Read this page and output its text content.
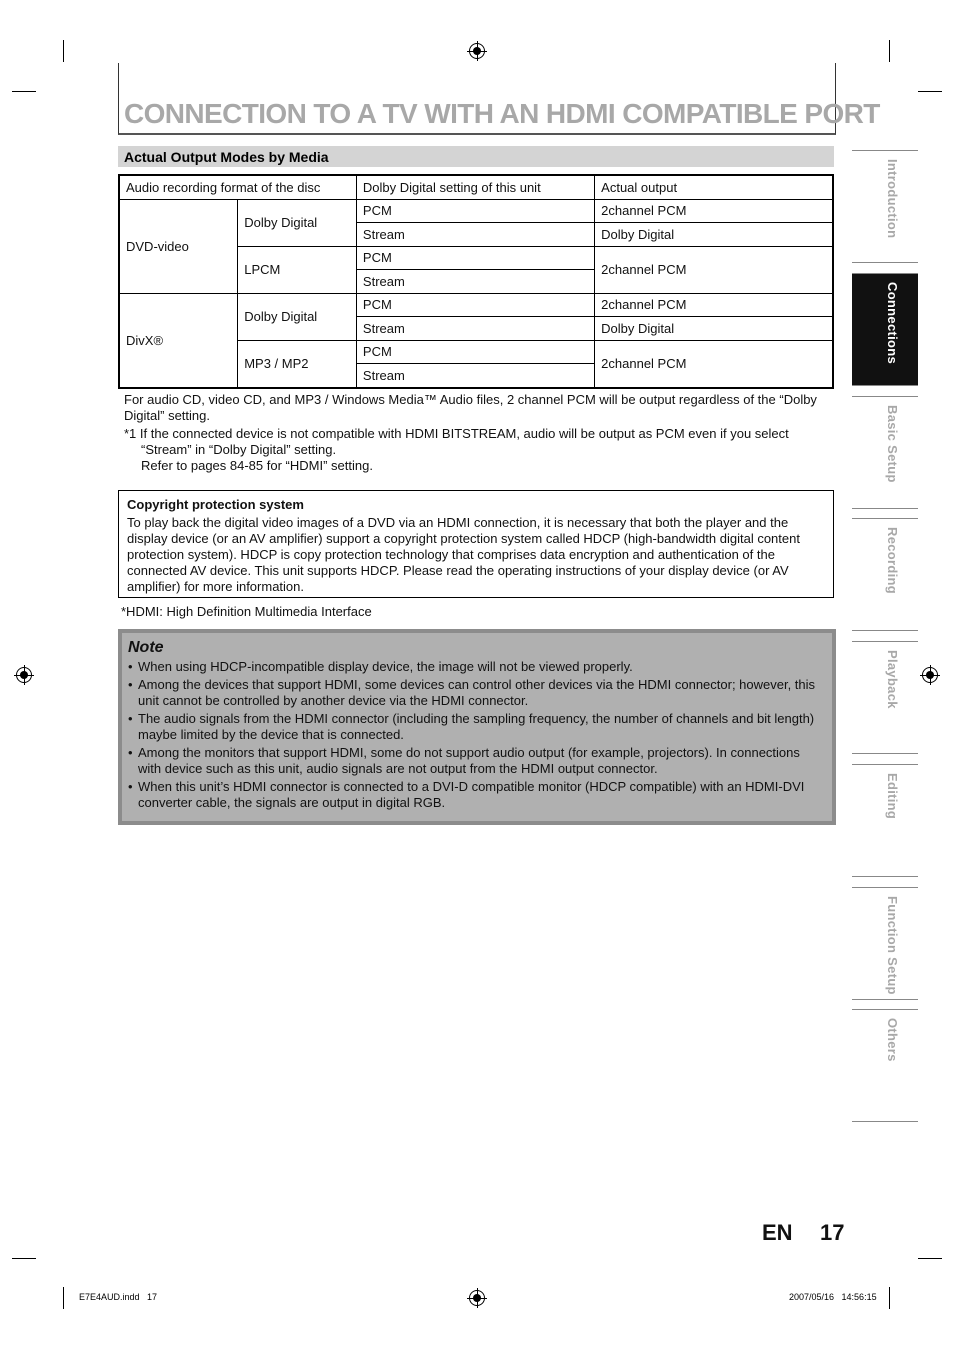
CONNECTION TO A TV WITH AN HDMI COMPATIBLE PORT
Actual Output Modes by Media
Audio recording format of the disc		Dolby Digital setting of this unit	Actual output
DVD-video	Dolby Digital	PCM	2channel PCM
		Stream	Dolby Digital
	LPCM	PCM	2channel PCM
		Stream	
DivX®	Dolby Digital	PCM	2channel PCM
		Stream	Dolby Digital
	MP3 / MP2	PCM	2channel PCM
		Stream	
For audio CD, video CD, and MP3 / Windows Media™ Audio files, 2 channel PCM will be output regardless of the “Dolby Digital” setting.
*1 If the connected device is not compatible with HDMI BITSTREAM, audio will be output as PCM even if you select
“Stream” in “Dolby Digital” setting.
Refer to pages 84-85 for “HDMI” setting.
Copyright protection system
To play back the digital video images of a DVD via an HDMI connection, it is necessary that both the player and the display device (or an AV amplifier) support a copyright protection system called HDCP (high-bandwidth digital content protection system). HDCP is copy protection technology that comprises data encryption and authentication of the connected AV device. This unit supports HDCP. Please read the operating instructions of your display device (or AV amplifier) for more information.
*HDMI: High Definition Multimedia Interface
Note
• When using HDCP-incompatible display device, the image will not be viewed properly.
• Among the devices that support HDMI, some devices can control other devices via the HDMI connector; however, this unit cannot be controlled by another device via the HDMI connector.
• The audio signals from the HDMI connector (including the sampling frequency, the number of channels and bit length) maybe limited by the device that is connected.
• Among the monitors that support HDMI, some do not support audio output (for example, projectors). In connections with device such as this unit, audio signals are not output from the HDMI output connector.
• When this unit’s HDMI connector is connected to a DVI-D compatible monitor (HDCP compatible) with an HDMI-DVI converter cable, the signals are output in digital RGB.
Introduction
Connections
Basic Setup
Recording
Playback
Editing
Function Setup
Others
EN 17
E7E4AUD.indd   17	2007/05/16   14:56:15
